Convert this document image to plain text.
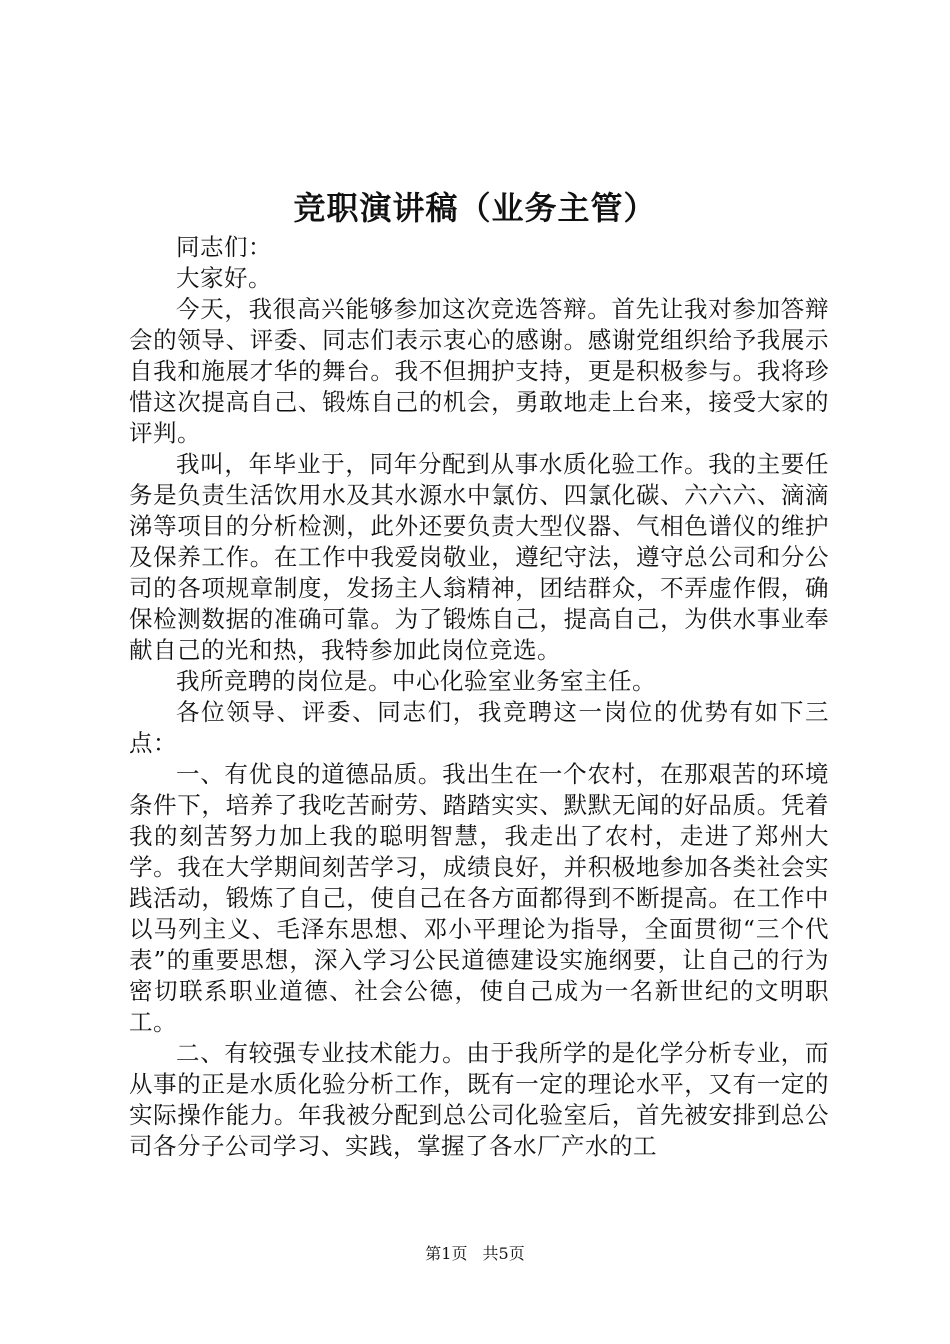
竞职演讲稿（业务主管）

同志们：

大家好。

今天，我很高兴能够参加这次竞选答辩。首先让我对参加答辩会的领导、评委、同志们表示衷心的感谢。感谢党组织给予我展示自我和施展才华的舞台。我不但拥护支持，更是积极参与。我将珍惜这次提高自己、锻炼自己的机会，勇敢地走上台来，接受大家的评判。

我叫，年毕业于，同年分配到从事水质化验工作。我的主要任务是负责生活饮用水及其水源水中氯仿、四氯化碳、六六六、滴滴涕等项目的分析检测，此外还要负责大型仪器、气相色谱仪的维护及保养工作。在工作中我爱岗敬业，遵纪守法，遵守总公司和分公司的各项规章制度，发扬主人翁精神，团结群众，不弄虚作假，确保检测数据的准确可靠。为了锻炼自己，提高自己，为供水事业奉献自己的光和热，我特参加此岗位竞选。

我所竞聘的岗位是。中心化验室业务室主任。

各位领导、评委、同志们，我竞聘这一岗位的优势有如下三点：

一、有优良的道德品质。我出生在一个农村，在那艰苦的环境条件下，培养了我吃苦耐劳、踏踏实实、默默无闻的好品质。凭着我的刻苦努力加上我的聪明智慧，我走出了农村，走进了郑州大学。我在大学期间刻苦学习，成绩良好，并积极地参加各类社会实践活动，锻炼了自己，使自己在各方面都得到不断提高。在工作中以马列主义、毛泽东思想、邓小平理论为指导，全面贯彻“三个代表”的重要思想，深入学习公民道德建设实施纲要，让自己的行为密切联系职业道德、社会公德，使自己成为一名新世纪的文明职工。

二、有较强专业技术能力。由于我所学的是化学分析专业，而从事的正是水质化验分析工作，既有一定的理论水平，又有一定的实际操作能力。年我被分配到总公司化验室后，首先被安排到总公司各分子公司学习、实践，掌握了各水厂产水的工

第1页 共5页
